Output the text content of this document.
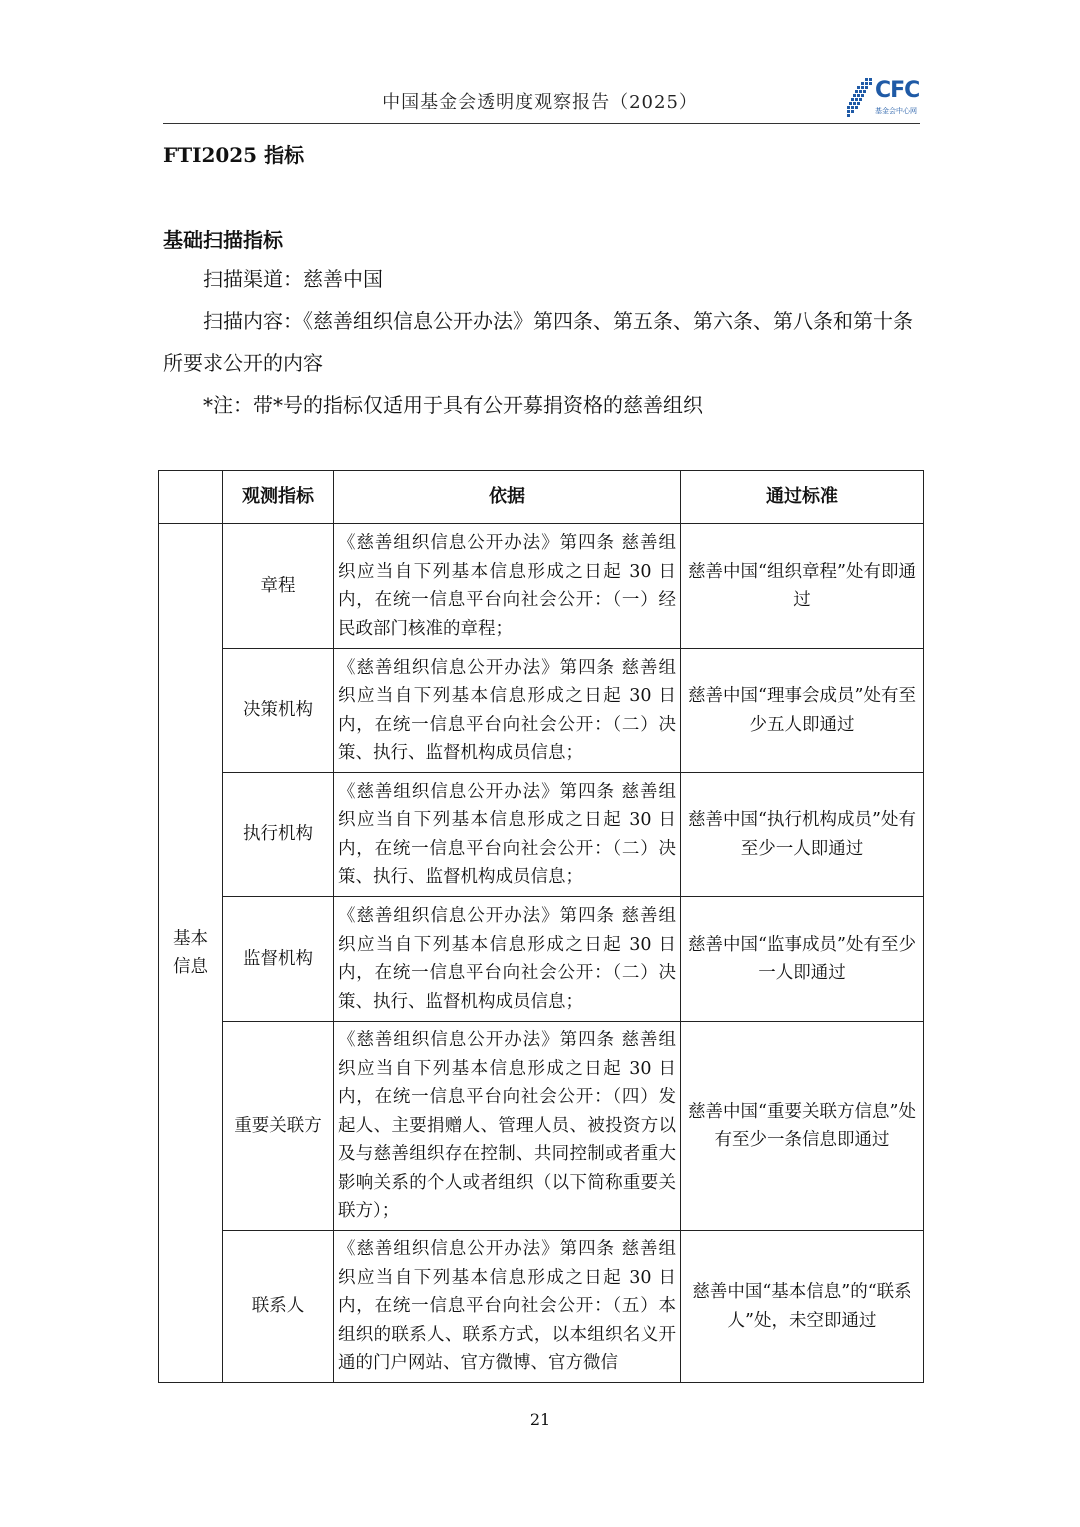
中国基金会透明度观察报告（2025）	CFC
基金会中心网
FTI2025 指标
基础扫描指标
扫描渠道：慈善中国
扫描内容：《慈善组织信息公开办法》第四条、第五条、第六条、第八条和第十条所要求公开的内容
*注：带*号的指标仅适用于具有公开募捐资格的慈善组织
	观测指标	依据	通过标准

基本
信息	章程	《慈善组织信息公开办法》第四条 慈善组织应当自下列基本信息形成之日起 30 日内，在统一信息平台向社会公开：（一）经民政部门核准的章程；	慈善中国“组织章程”处有即通过
	决策机构	《慈善组织信息公开办法》第四条 慈善组织应当自下列基本信息形成之日起 30 日内，在统一信息平台向社会公开：（二）决策、执行、监督机构成员信息；	慈善中国“理事会成员”处有至少五人即通过
	执行机构	《慈善组织信息公开办法》第四条 慈善组织应当自下列基本信息形成之日起 30 日内，在统一信息平台向社会公开：（二）决策、执行、监督机构成员信息；	慈善中国“执行机构成员”处有至少一人即通过
	监督机构	《慈善组织信息公开办法》第四条 慈善组织应当自下列基本信息形成之日起 30 日内，在统一信息平台向社会公开：（二）决策、执行、监督机构成员信息；	慈善中国“监事成员”处有至少一人即通过
	重要关联方	《慈善组织信息公开办法》第四条 慈善组织应当自下列基本信息形成之日起 30 日内，在统一信息平台向社会公开：（四）发起人、主要捐赠人、管理人员、被投资方以及与慈善组织存在控制、共同控制或者重大影响关系的个人或者组织（以下简称重要关联方）；	慈善中国“重要关联方信息”处有至少一条信息即通过
	联系人	《慈善组织信息公开办法》第四条 慈善组织应当自下列基本信息形成之日起 30 日内，在统一信息平台向社会公开：（五）本组织的联系人、联系方式，以本组织名义开通的门户网站、官方微博、官方微信	慈善中国“基本信息”的“联系人”处，未空即通过
21
